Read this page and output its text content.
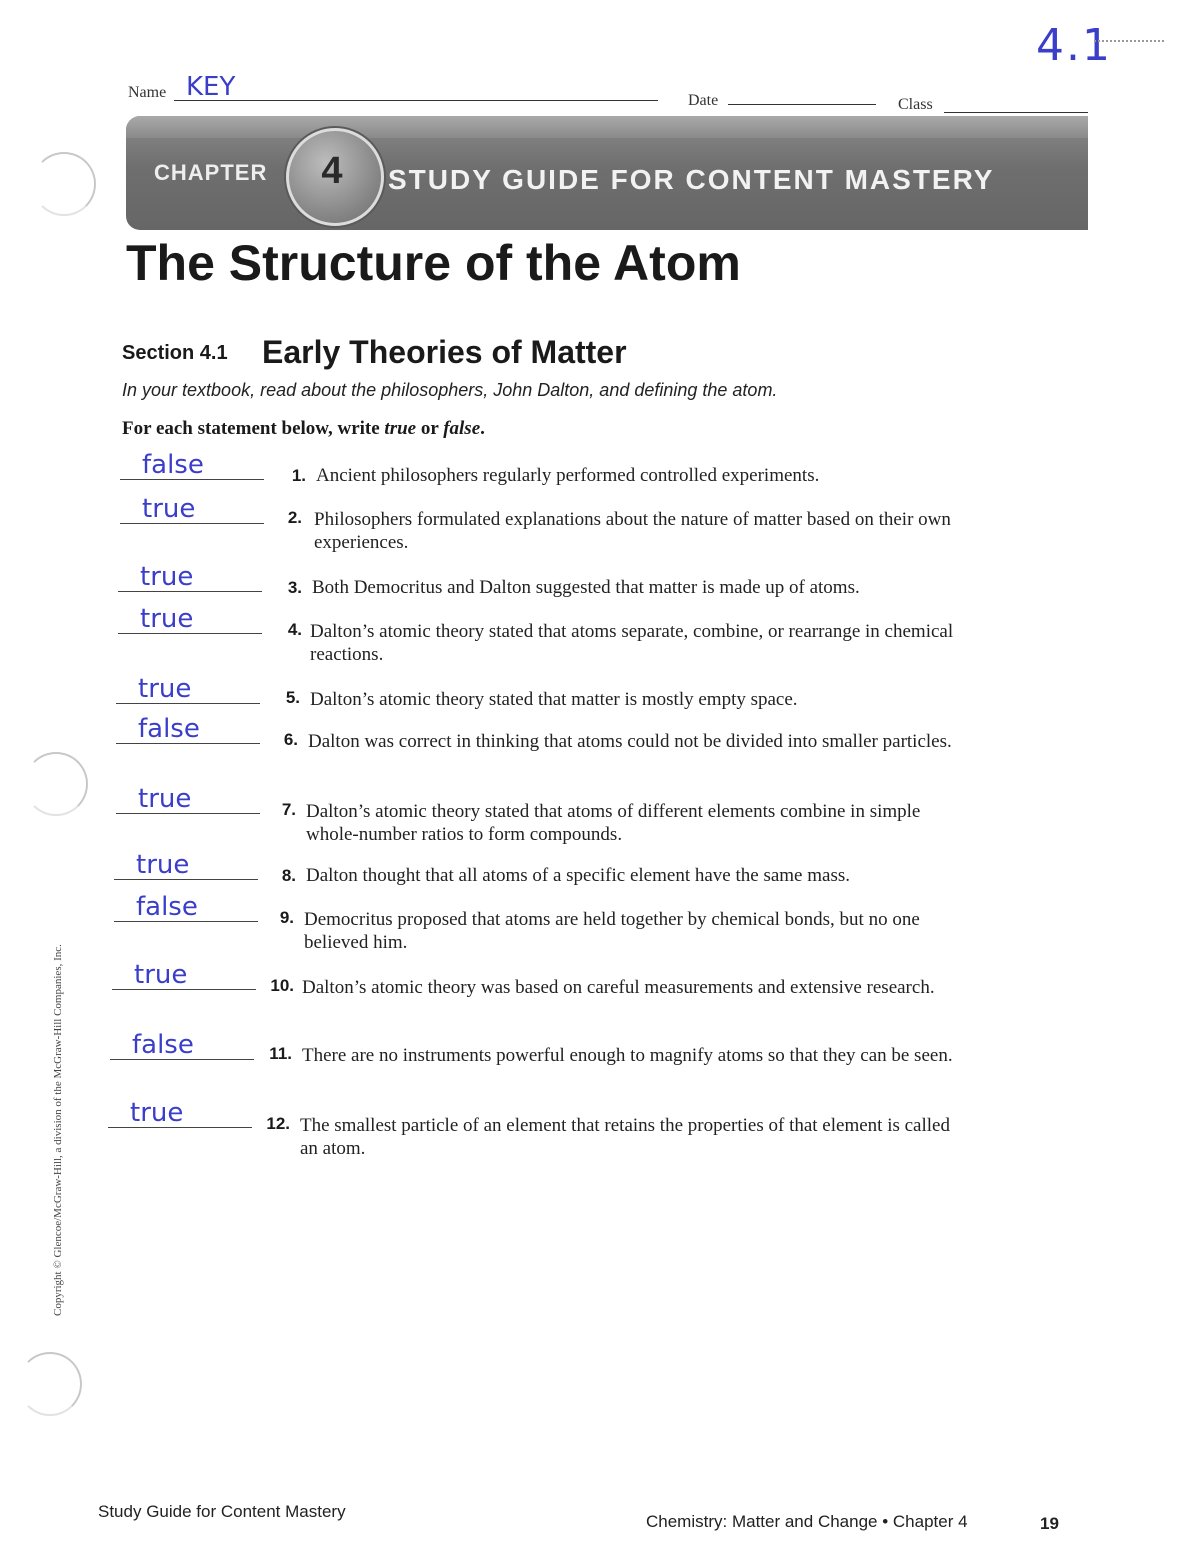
4.1
Name KEY	Date	Class
CHAPTER	4	STUDY GUIDE FOR CONTENT MASTERY
The Structure of the Atom
Section 4.1 Early Theories of Matter
In your textbook, read about the philosophers, John Dalton, and defining the atom.
For each statement below, write true or false.
false	1. Ancient philosophers regularly performed controlled experiments.
true	2. Philosophers formulated explanations about the nature of matter based on their own experiences.
true	3. Both Democritus and Dalton suggested that matter is made up of atoms.
true	4. Dalton’s atomic theory stated that atoms separate, combine, or rearrange in chemical reactions.
true	5. Dalton’s atomic theory stated that matter is mostly empty space.
false	6. Dalton was correct in thinking that atoms could not be divided into smaller particles.
true	7. Dalton’s atomic theory stated that atoms of different elements combine in simple whole-number ratios to form compounds.
true	8. Dalton thought that all atoms of a specific element have the same mass.
false	9. Democritus proposed that atoms are held together by chemical bonds, but no one believed him.
true	10. Dalton’s atomic theory was based on careful measurements and extensive research.
false	11. There are no instruments powerful enough to magnify atoms so that they can be seen.
true	12. The smallest particle of an element that retains the properties of that element is called an atom.
Copyright © Glencoe/McGraw-Hill, a division of the McGraw-Hill Companies, Inc.
Study Guide for Content Mastery
Chemistry: Matter and Change • Chapter 4	19
